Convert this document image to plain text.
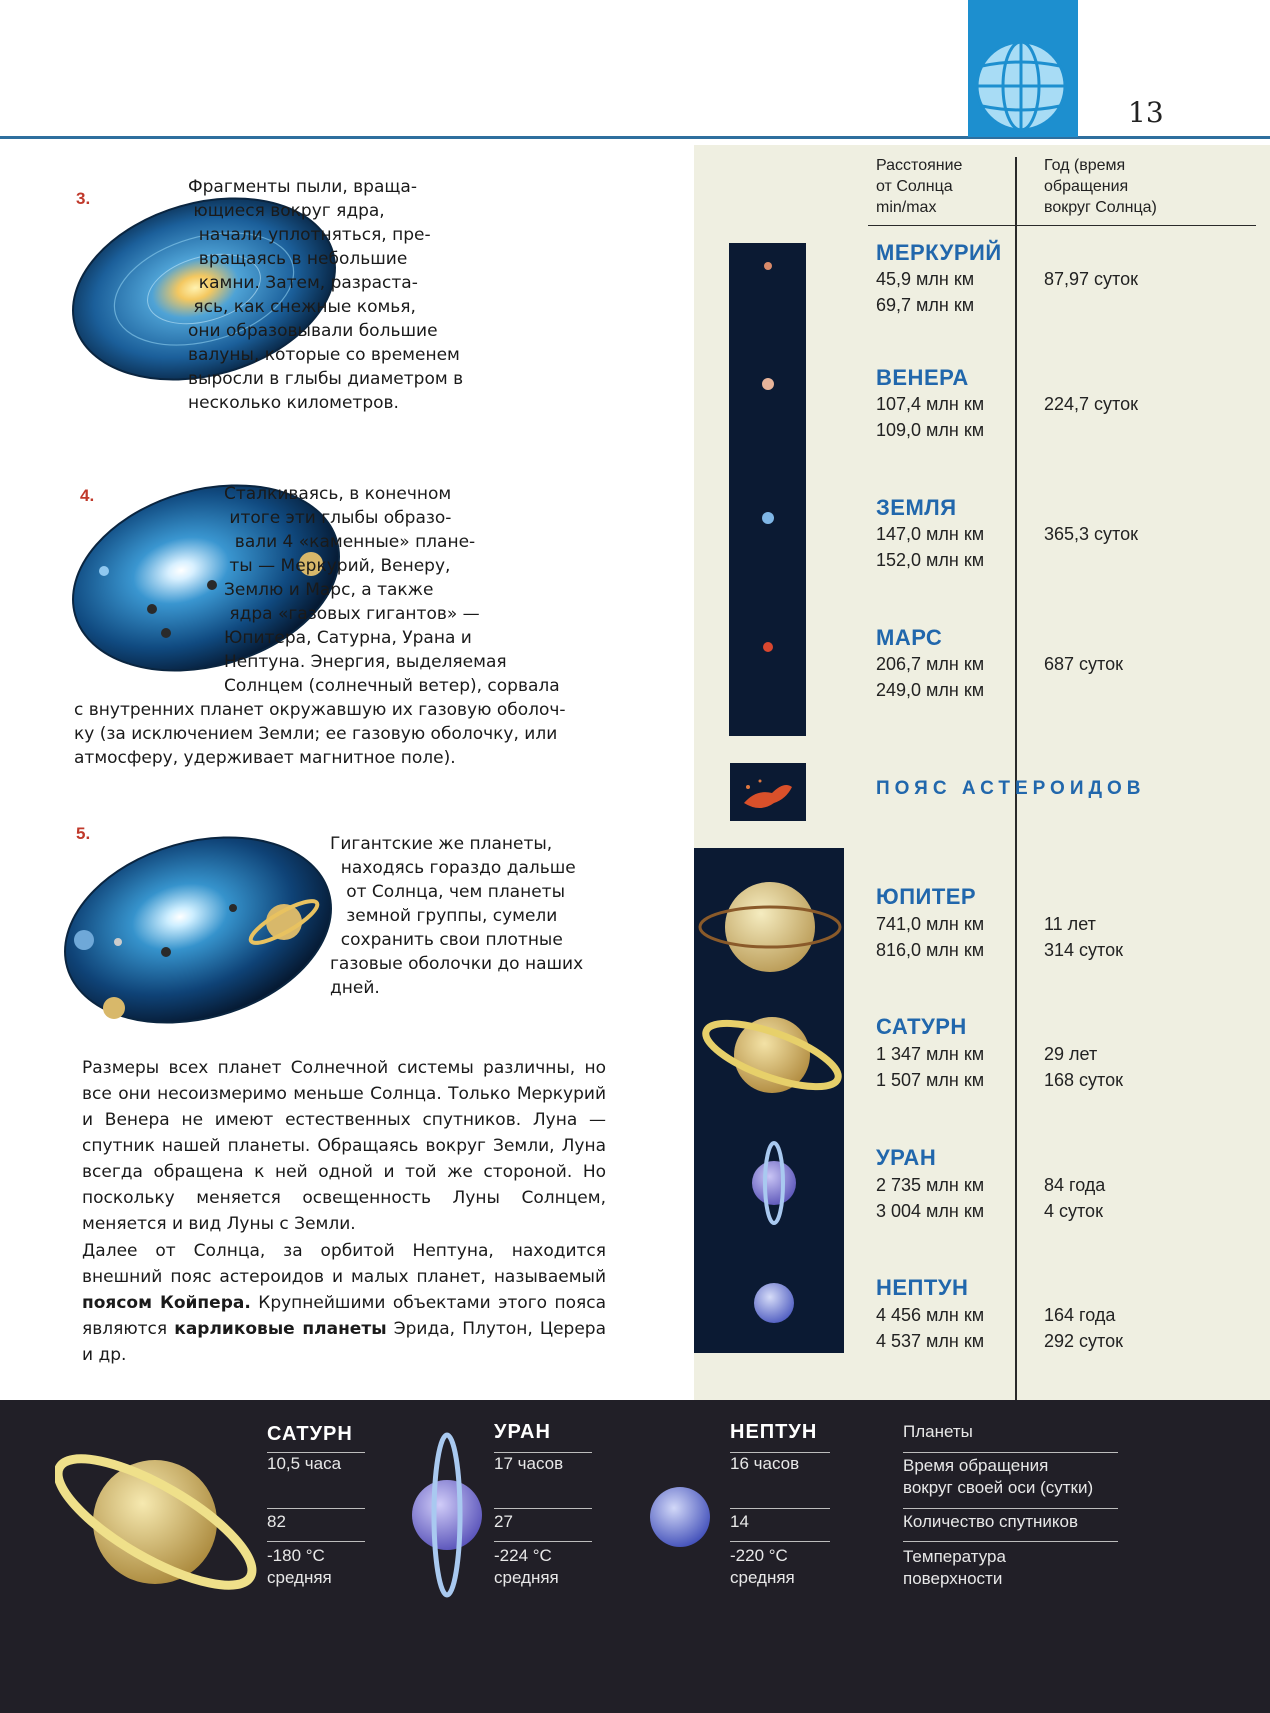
13
3.
Фрагменты пыли, враща-
ющиеся вокруг ядра,
начали уплотняться, пре-
вращаясь в небольшие
камни. Затем, разраста-
ясь, как снежные комья,
они образовывали большие
валуны, которые со временем
выросли в глыбы диаметром в
несколько километров.
4.	Сталкиваясь, в конечном
итоге эти глыбы образо-
вали 4 «каменные» плане-
ты — Меркурий, Венеру,
Землю и Марс, а также
ядра «газовых гигантов» —
Юпитера, Сатурна, Урана и
Нептуна. Энергия, выделяемая
Солнцем (солнечный ветер), сорвала
с внутренних планет окружавшую их газовую оболоч-
ку (за исключением Земли; ее газовую оболочку, или
атмосферу, удерживает магнитное поле).
5.
Гигантские же планеты,
находясь гораздо дальше
от Солнца, чем планеты
земной группы, сумели
сохранить свои плотные
газовые оболочки до наших
дней.
Размеры всех планет Солнечной системы различны, но все они несоизмеримо меньше Солнца. Только Меркурий и Венера не имеют естественных спутников. Луна — спутник нашей планеты. Обращаясь вокруг Земли, Луна всегда обращена к ней одной и той же стороной. Но поскольку меняется освещенность Луны Солнцем, меняется и вид Луны с Земли.
Далее от Солнца, за орбитой Нептуна, находится внешний пояс астероидов и малых планет, называемый поясом Койпера. Крупнейшими объектами этого пояса являются карликовые планеты Эрида, Плутон, Церера и др.
Расстояние
от Солнца
min/max
Год (время
обращения
вокруг Солнца)
МЕРКУРИЙ
45,9 млн км
69,7 млн км
87,97 суток
ВЕНЕРА
107,4 млн км
109,0 млн км
224,7 суток
ЗЕМЛЯ
147,0 млн км
152,0 млн км
365,3 суток
МАРС
206,7 млн км
249,0 млн км
687 суток
ПОЯС АСТЕРОИДОВ
ЮПИТЕР
741,0 млн км
816,0 млн км
11 лет
314 суток
САТУРН
1 347 млн км
1 507 млн км
29 лет
168 суток
УРАН
2 735 млн км
3 004 млн км
84 года
4 суток
НЕПТУН
4 456 млн км
4 537 млн км
164 года
292 суток
САТУРН
10,5 часа
82
-180 °C
средняя
УРАН
17 часов
27
-224 °C
средняя
НЕПТУН
16 часов
14
-220 °C
средняя
Планеты
Время обращения
вокруг своей оси (сутки)
Количество спутников
Температура
поверхности
